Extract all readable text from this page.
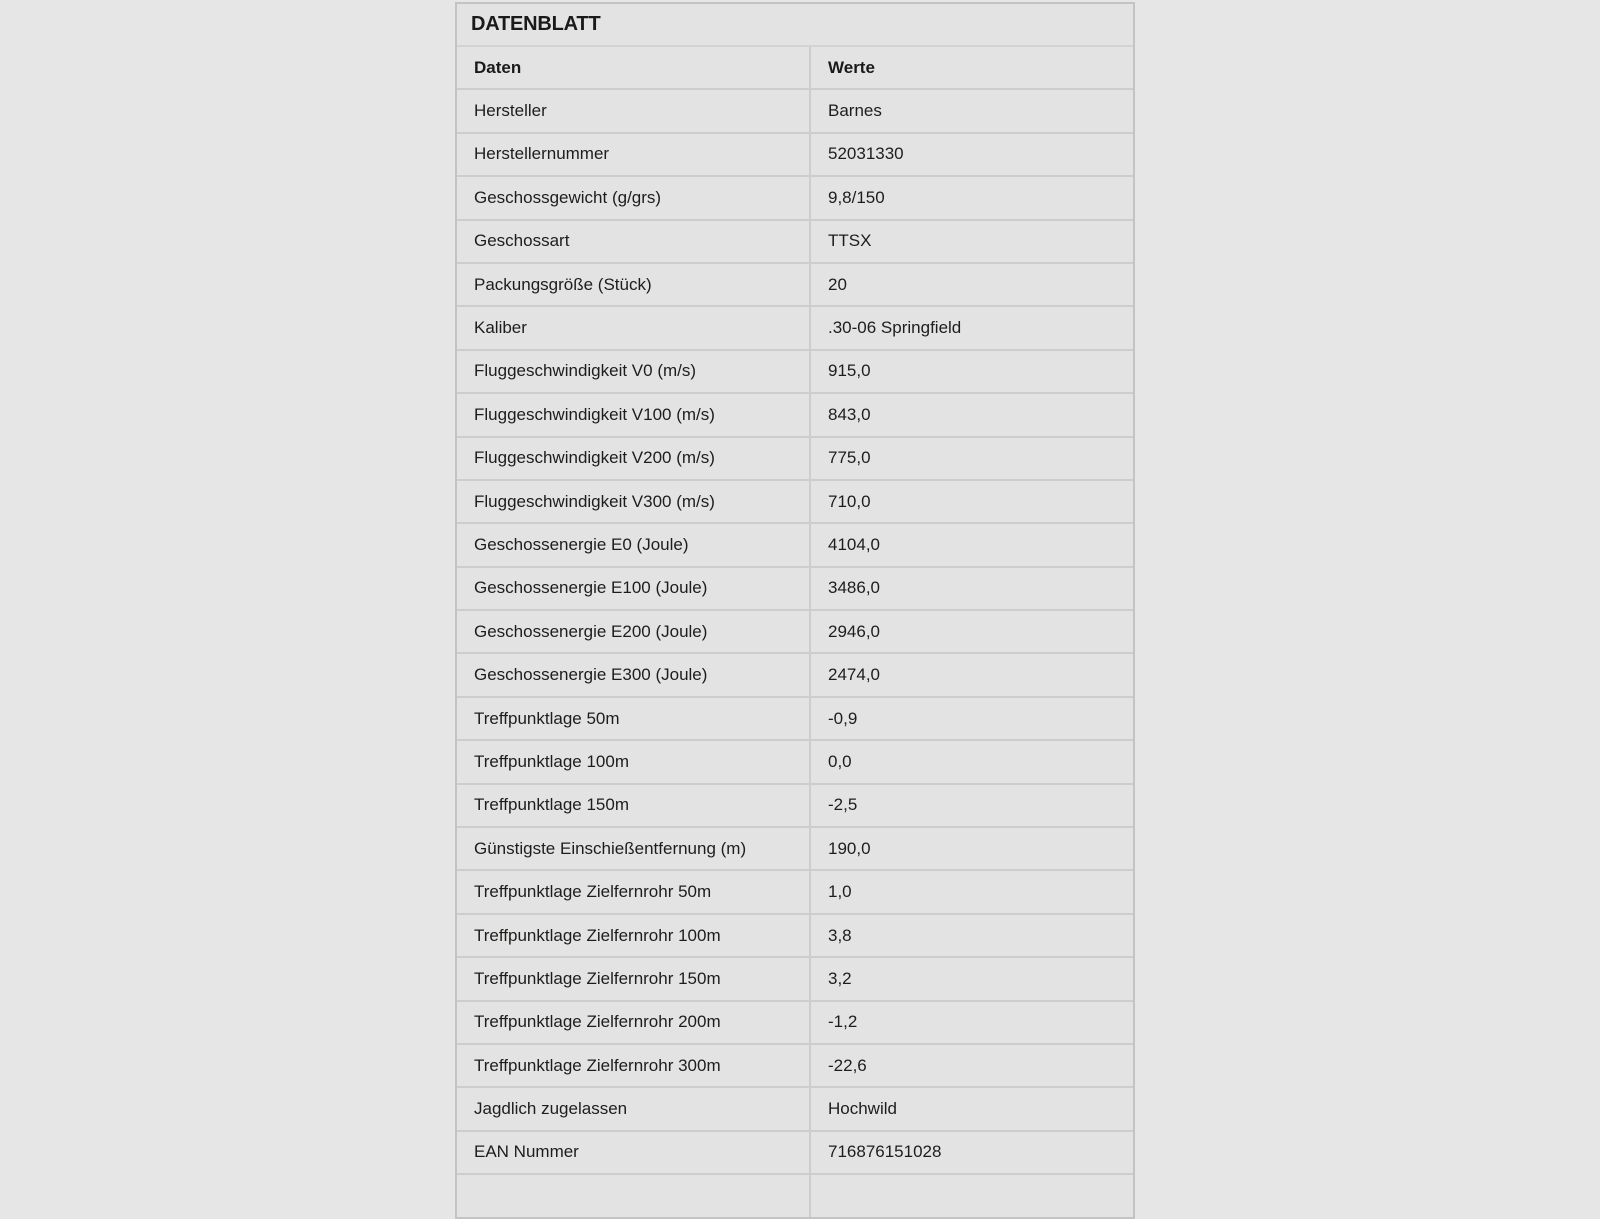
DATENBLATT
Daten	Werte
Hersteller	Barnes
Herstellernummer	52031330
Geschossgewicht (g/grs)	9,8/150
Geschossart	TTSX
Packungsgröße (Stück)	20
Kaliber	.30-06 Springfield
Fluggeschwindigkeit V0 (m/s)	915,0
Fluggeschwindigkeit V100 (m/s)	843,0
Fluggeschwindigkeit V200 (m/s)	775,0
Fluggeschwindigkeit V300 (m/s)	710,0
Geschossenergie E0 (Joule)	4104,0
Geschossenergie E100 (Joule)	3486,0
Geschossenergie E200 (Joule)	2946,0
Geschossenergie E300 (Joule)	2474,0
Treffpunktlage 50m	-0,9
Treffpunktlage 100m	0,0
Treffpunktlage 150m	-2,5
Günstigste Einschießentfernung (m)	190,0
Treffpunktlage Zielfernrohr 50m	1,0
Treffpunktlage Zielfernrohr 100m	3,8
Treffpunktlage Zielfernrohr 150m	3,2
Treffpunktlage Zielfernrohr 200m	-1,2
Treffpunktlage Zielfernrohr 300m	-22,6
Jagdlich zugelassen	Hochwild
EAN Nummer	716876151028
